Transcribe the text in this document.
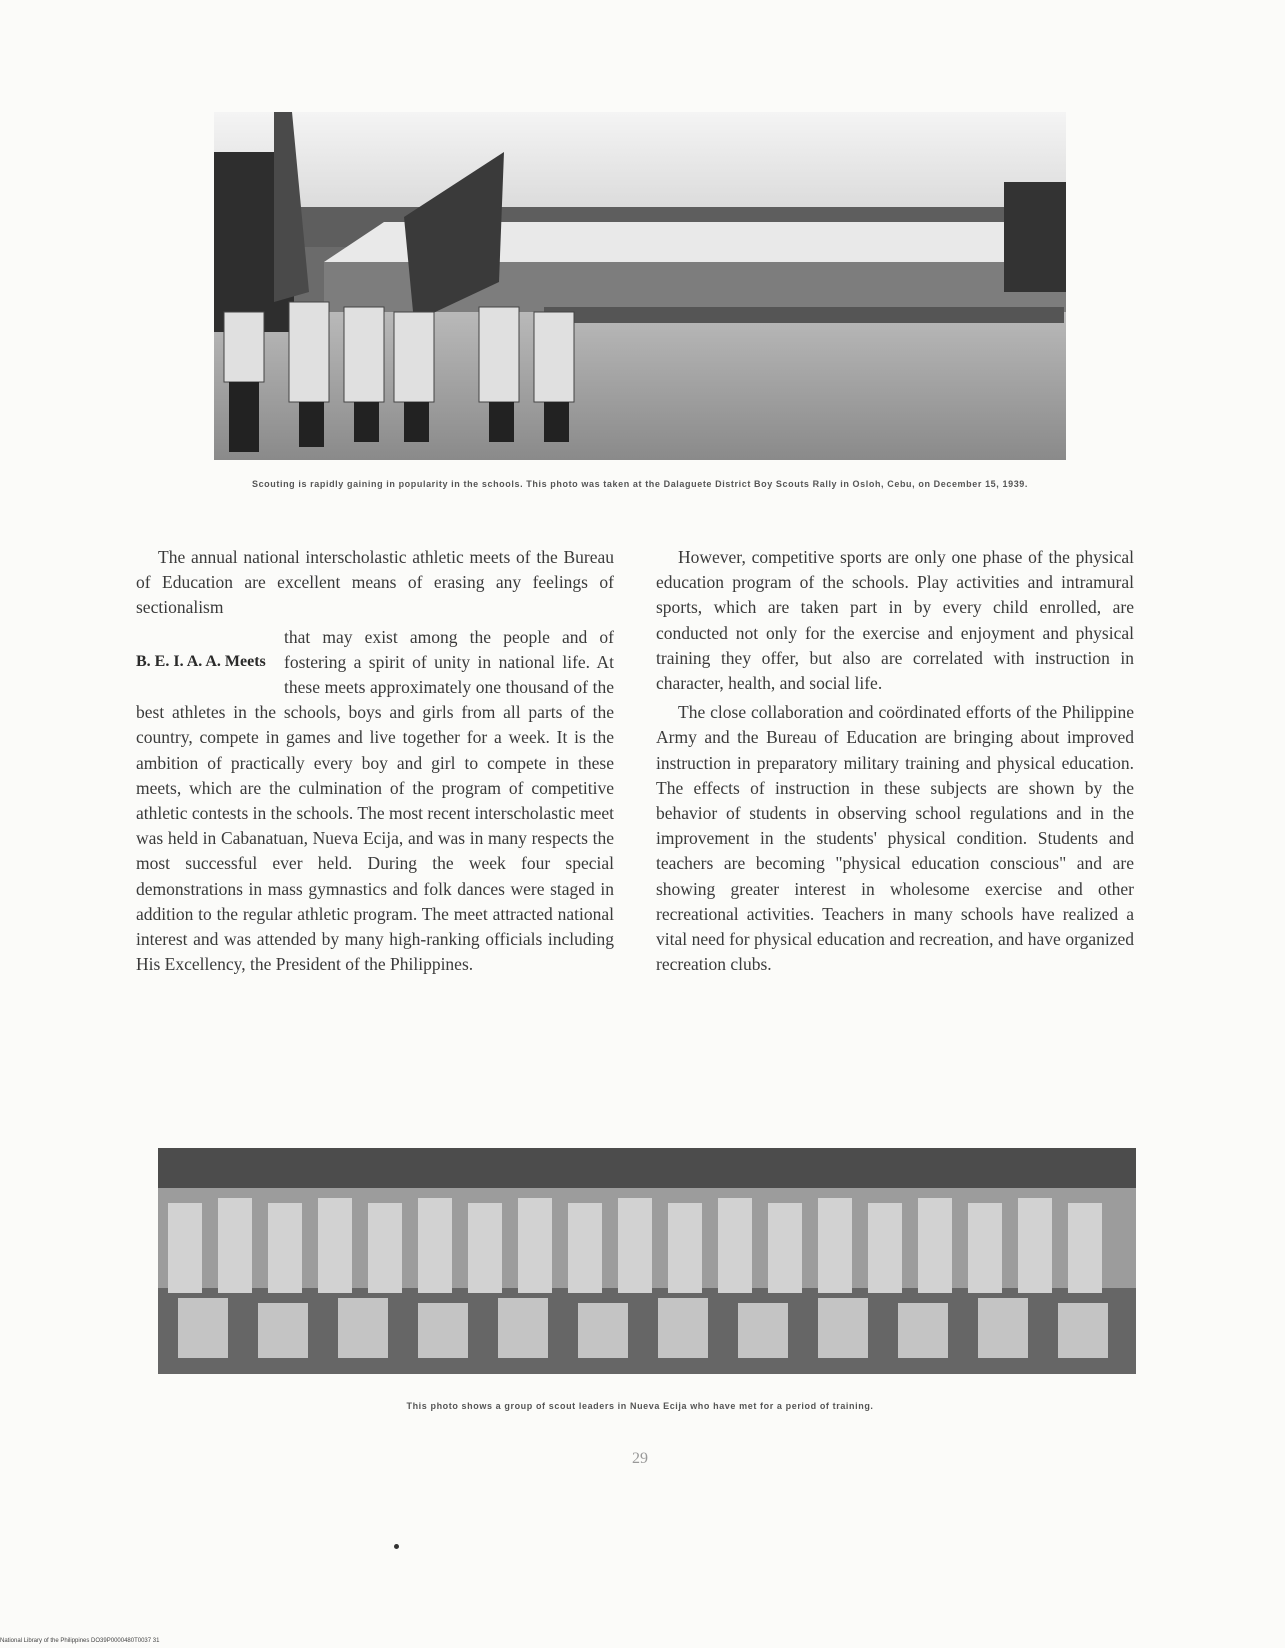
Scouting is rapidly gaining in popularity in the schools. This photo was taken at the Dalaguete District Boy Scouts Rally in Osloh, Cebu, on December 15, 1939.

The annual national interscholastic athletic meets of the Bureau of Education are excellent means of erasing any feelings of sectionalism

B. E. I. A. A. Meets

that may exist among the people and of fostering a spirit of unity in national life. At these meets approximately one thousand of the best athletes in the schools, boys and girls from all parts of the country, compete in games and live together for a week. It is the ambition of practically every boy and girl to compete in these meets, which are the culmination of the program of competitive athletic contests in the schools. The most recent interscholastic meet was held in Cabanatuan, Nueva Ecija, and was in many respects the most successful ever held. During the week four special demonstrations in mass gymnastics and folk dances were staged in addition to the regular athletic program. The meet attracted national interest and was attended by many high-ranking officials including His Excellency, the President of the Philippines.

However, competitive sports are only one phase of the physical education program of the schools. Play activities and intramural sports, which are taken part in by every child enrolled, are conducted not only for the exercise and enjoyment and physical training they offer, but also are correlated with instruction in character, health, and social life.

The close collaboration and coördinated efforts of the Philippine Army and the Bureau of Education are bringing about improved instruction in preparatory military training and physical education. The effects of instruction in these subjects are shown by the behavior of students in observing school regulations and in the improvement in the students' physical condition. Students and teachers are becoming "physical education conscious" and are showing greater interest in wholesome exercise and other recreational activities. Teachers in many schools have realized a vital need for physical education and recreation, and have organized recreation clubs.

This photo shows a group of scout leaders in Nueva Ecija who have met for a period of training.
29
National Library of the Philippines DO39P0000480T0037 31
